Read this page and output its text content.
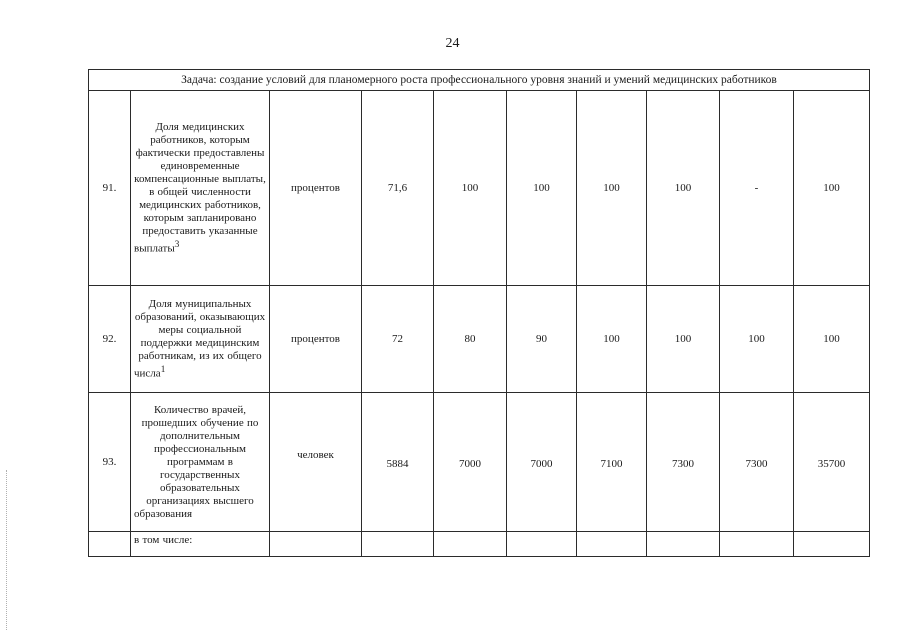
24
Задача: создание условий для планомерного роста профессионального уровня знаний и умений медицинских работников									
91.	Доля медицинских работников, которым фактически предоставлены единовременные компенсационные выплаты, в общей численности медицинских работников, которым запланировано предоставить указанные выплаты$^3$	процентов	71,6	100	100	100	100	-	100
92.	Доля муниципальных образований, оказывающих меры социальной поддержки медицинским работникам, из их общего числа$^1$	процентов	72	80	90	100	100	100	100
93.	Количество врачей, прошедших обучение по дополнительным профессиональным программам в государственных образовательных организациях высшего образования	человек	5884	7000	7000	7100	7300	7300	35700
	в том числе:								
